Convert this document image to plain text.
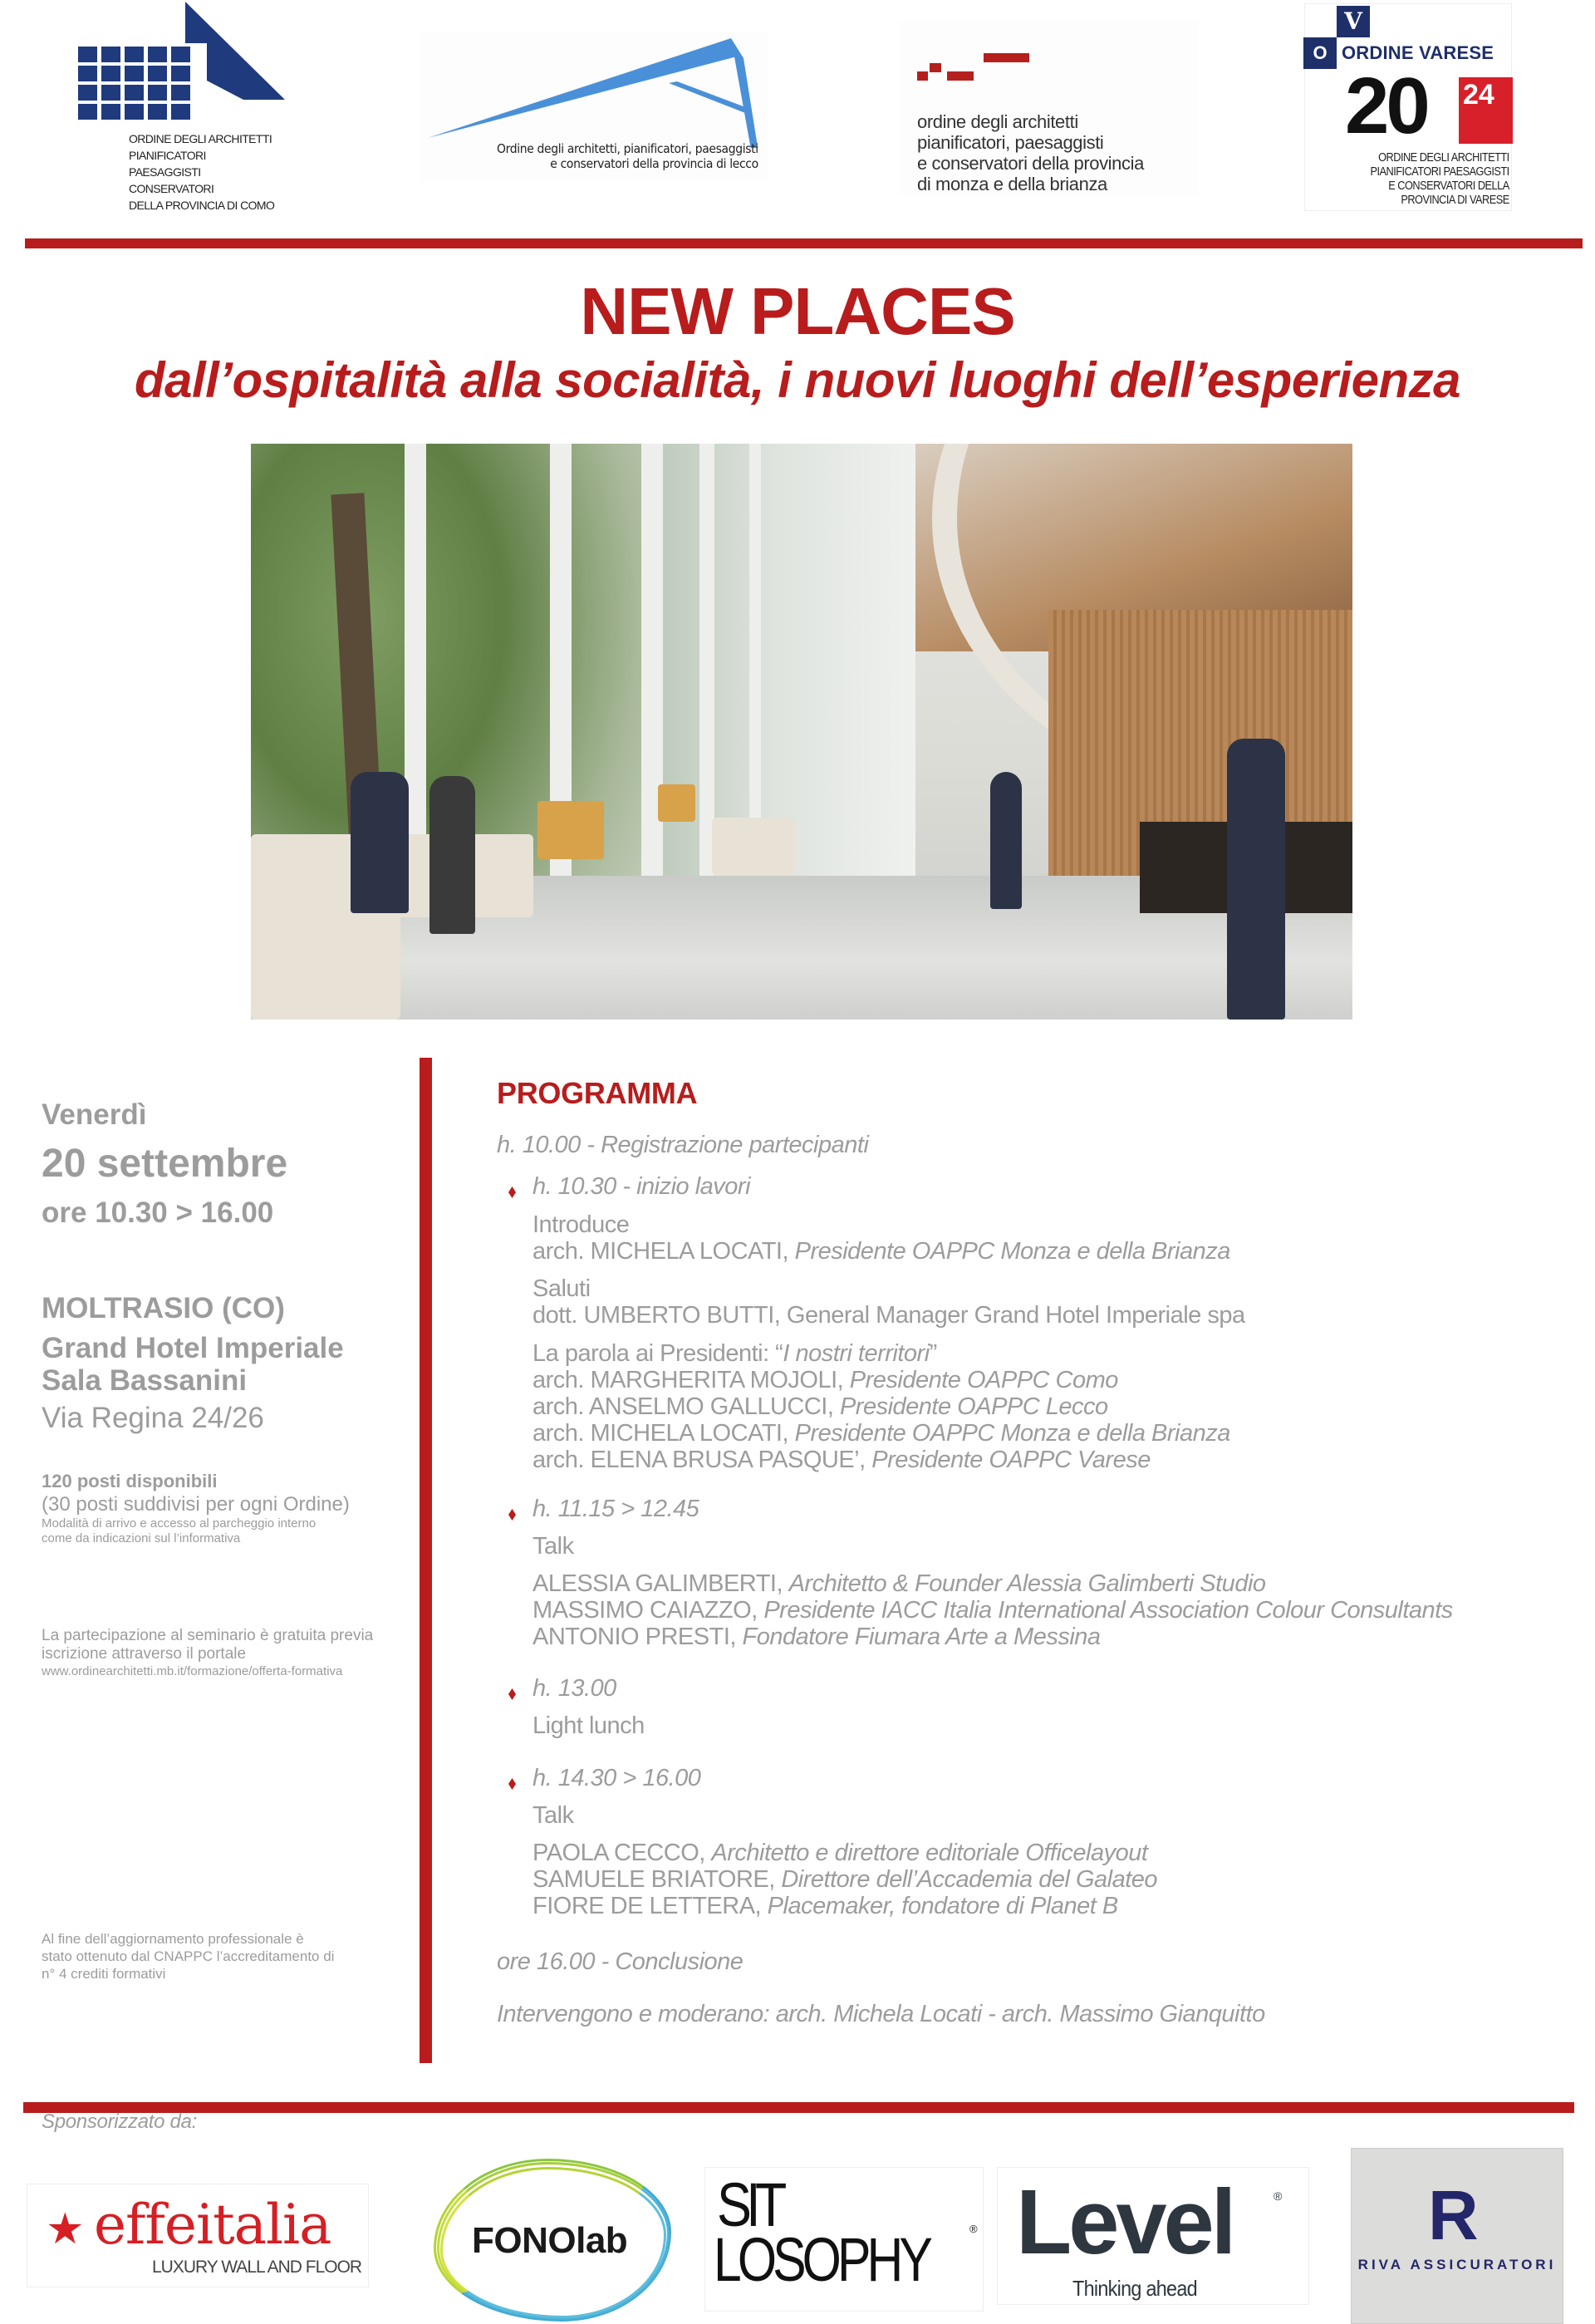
ORDINE DEGLI ARCHITETTI
PIANIFICATORI
PAESAGGISTI
CONSERVATORI
DELLA PROVINCIA DI COMO
Ordine degli architetti, pianificatori, paesaggisti
e conservatori della provincia di lecco
ordine degli architetti
pianificatori, paesaggisti
e conservatori della provincia
di monza e della brianza
V
O ORDINE VARESE
20 24
ORDINE DEGLI ARCHITETTI
PIANIFICATORI PAESAGGISTI
E CONSERVATORI DELLA
PROVINCIA DI VARESE
NEW PLACES
dall’ospitalità alla socialità, i nuovi luoghi dell’esperienza
Venerdì
20 settembre
ore 10.30 > 16.00
MOLTRASIO (CO)
Grand Hotel Imperiale
Sala Bassanini
Via Regina 24/26
120 posti disponibili
(30 posti suddivisi per ogni Ordine)
Modalità di arrivo e accesso al parcheggio interno
come da indicazioni sul l’informativa
La partecipazione al seminario è gratuita previa
iscrizione attraverso il portale
www.ordinearchitetti.mb.it/formazione/offerta-formativa
Al fine dell’aggiornamento professionale è
stato ottenuto dal CNAPPC l’accreditamento di
n° 4 crediti formativi
PROGRAMMA
h. 10.00 - Registrazione partecipanti
h. 10.30 - inizio lavori
Introduce
arch. MICHELA LOCATI, Presidente OAPPC Monza e della Brianza
Saluti
dott. UMBERTO BUTTI, General Manager Grand Hotel Imperiale spa
La parola ai Presidenti: “I nostri territori”
arch. MARGHERITA MOJOLI, Presidente OAPPC Como
arch. ANSELMO GALLUCCI, Presidente OAPPC Lecco
arch. MICHELA LOCATI, Presidente OAPPC Monza e della Brianza
arch. ELENA BRUSA PASQUE’, Presidente OAPPC Varese
h. 11.15 > 12.45
Talk
ALESSIA GALIMBERTI, Architetto & Founder Alessia Galimberti Studio
MASSIMO CAIAZZO, Presidente IACC Italia International Association Colour Consultants
ANTONIO PRESTI, Fondatore Fiumara Arte a Messina
h. 13.00
Light lunch
h. 14.30 > 16.00
Talk
PAOLA CECCO, Architetto e direttore editoriale Officelayout
SAMUELE BRIATORE, Direttore dell’Accademia del Galateo
FIORE DE LETTERA, Placemaker, fondatore di Planet B
ore 16.00 - Conclusione
Intervengono e moderano: arch. Michela Locati - arch. Massimo Gianquitto
Sponsorizzato da:
★ effeitalia
LUXURY WALL AND FLOOR
FONOlab
SIT
LOSOPHY	® Level	®
Thinking ahead
R
RIVA ASSICURATORI
